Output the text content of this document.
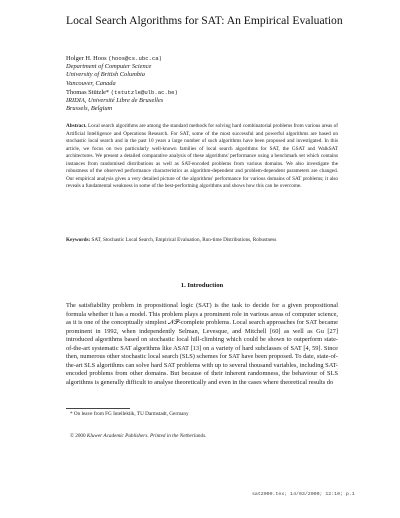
Local Search Algorithms for SAT: An Empirical Evaluation
Holger H. Hoos (hoos@cs.ubc.ca)
Department of Computer Science
University of British Columbia
Vancouver, Canada
Thomas Stützle* (tstutzle@ulb.ac.be)
IRIDIA, Université Libre de Bruxelles
Brussels, Belgium
Abstract. Local search algorithms are among the standard methods for solving hard combinatorial problems from various areas of Artificial Intelligence and Operations Research. For SAT, some of the most successful and powerful algorithms are based on stochastic local search and in the past 10 years a large number of such algorithms have been proposed and investigated. In this article, we focus on two particularly well-known families of local search algorithms for SAT, the GSAT and WalkSAT architectures. We present a detailed comparative analysis of these algorithms' performance using a benchmark set which contains instances from randomised distributions as well as SAT-encoded problems from various domains. We also investigate the robustness of the observed performance characteristics as algorithm-dependent and problem-dependent parameters are changed. Our empirical analysis gives a very detailed picture of the algorithms' performance for various domains of SAT problems; it also reveals a fundamental weakness in some of the best-performing algorithms and shows how this can be overcome.
Keywords: SAT, Stochastic Local Search, Empirical Evaluation, Run-time Distributions, Robustness
1. Introduction

The satisfiability problem in propositional logic (SAT) is the task to decide for a given propositional formula whether it has a model. This problem plays a prominent role in various areas of computer science, as it is one of the conceptually simplest 𝒩𝒫-complete problems. Local search approaches for SAT became prominent in 1992, when independently Selman, Levesque, and Mitchell [60] as well as Gu [27] introduced algorithms based on stochastic local hill-climbing which could be shown to outperform state-of-the-art systematic SAT algorithms like ASAT [13] on a variety of hard subclasses of SAT [4, 59]. Since then, numerous other stochastic local search (SLS) schemes for SAT have been proposed. To date, state-of-the-art SLS algorithms can solve hard SAT problems with up to several thousand variables, including SAT-encoded problems from other domains. But because of their inherent randomness, the behaviour of SLS algorithms is generally difficult to analyse theoretically and even in the cases where theoretical results do

* On leave from FG Intellektik, TU Darmstadt, Germany
© 2000 Kluwer Academic Publishers. Printed in the Netherlands.
sat2000.tex; 14/03/2000; 12:10; p.1
